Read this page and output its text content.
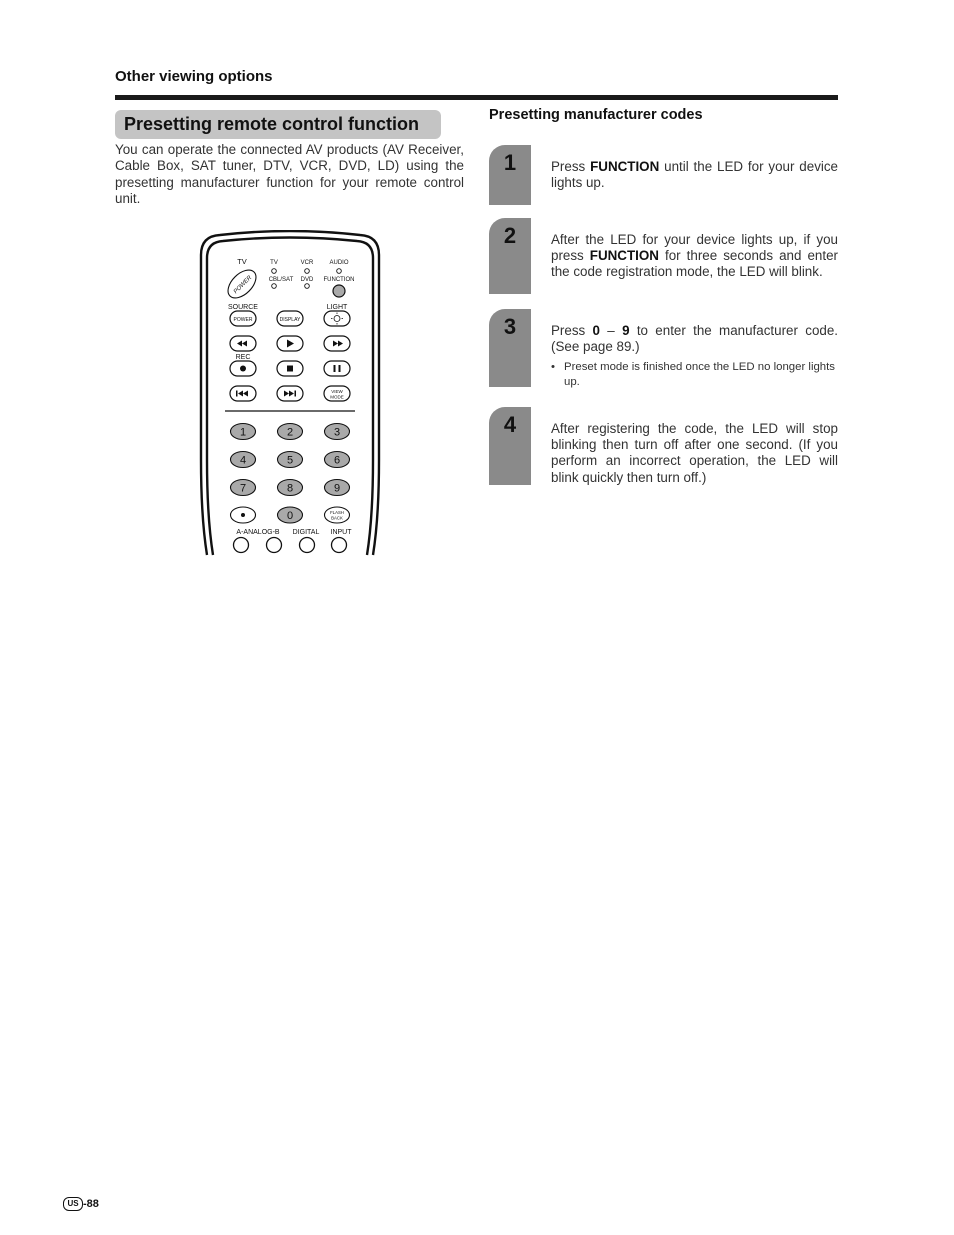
Other viewing options
Presetting remote control function
You can operate the connected AV products (AV Receiver, Cable Box, SAT tuner, DTV, VCR, DVD, LD) using the presetting manufacturer function for your remote control unit.
TV
POWER
TV	VCR	AUDIO
CBL/SAT DVD FUNCTION
SOURCE	LIGHT
POWER	DISPLAY
REC
VIEW
MODE
1	2	3
4	5	6
7	8	9
0	FLASH
BACK
A-ANALOG-B DIGITAL INPUT
Presetting manufacturer codes
1	Press FUNCTION until the LED for your device lights up.
2	After the LED for your device lights up, if you press FUNCTION for three seconds and enter the code registration mode, the LED will blink.
3	Press 0 – 9 to enter the manufacturer code. (See page 89.)
• Preset mode is finished once the LED no longer lights up.
4	After registering the code, the LED will stop blinking then turn off after one second. (If you perform an incorrect operation, the LED will blink quickly then turn off.)
US -88
